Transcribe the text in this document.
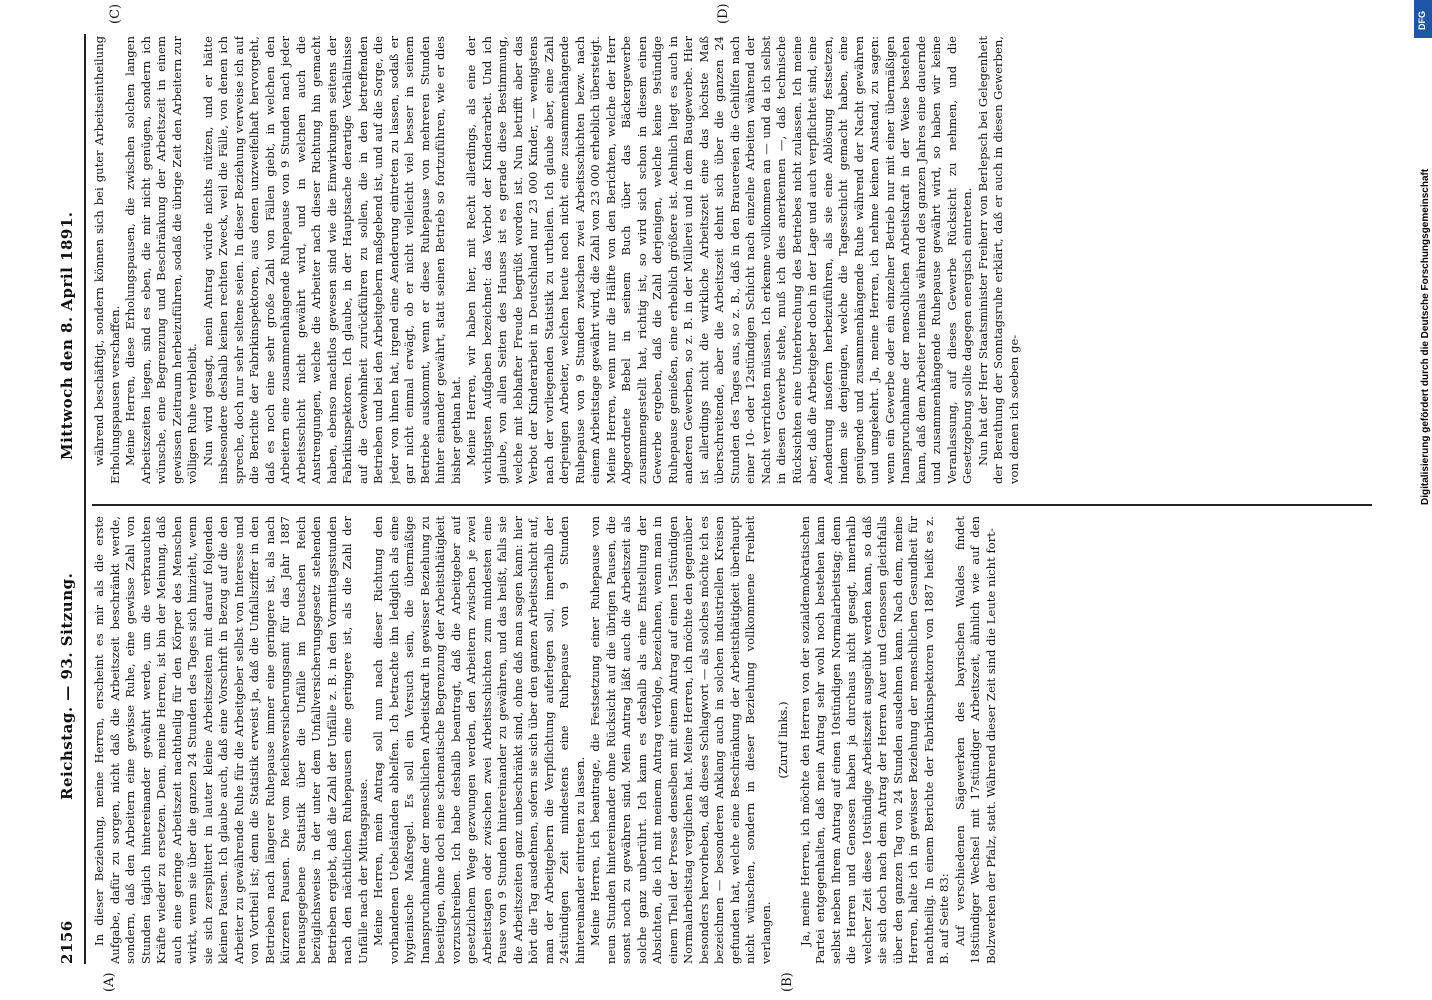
2156
Reichstag. — 93. Sitzung.
Mittwoch den 8. April 1891.

In dieser Beziehung, meine Herren, erscheint es mir als die erste Aufgabe, dafür zu sorgen, nicht daß die Arbeitszeit beschränkt werde, sondern, daß den Arbeitern eine gewisse Ruhe, eine gewisse Zahl von Stunden täglich hintereinander gewährt werde, um die verbrauchten Kräfte wieder zu ersetzen. Denn, meine Herren, ist bin der Meinung, daß auch eine geringe Arbeitszeit nachtheilig für den Körper des Menschen wirkt, wenn sie über die ganzen 24 Stunden des Tages sich hinzieht, wenn sie sich zersplittert in lauter kleine Arbeitszeiten mit darauf folgenden kleinen Pausen. Ich glaube auch, daß eine Vorschrift in Bezug auf die den Arbeiter zu gewährende Ruhe für die Arbeitgeber selbst von Interesse und von Vortheil ist; denn die Statistik erweist ja, daß die Unfallsziffer in den Betrieben nach längerer Ruhepause immer eine geringere ist, als nach kürzeren Pausen. Die vom Reichsversicherungsamt für das Jahr 1887 herausgegebene Statistik über die Unfälle im Deutschen Reich bezüglichsweise in der unter dem Unfallversicherungsgesetz stehenden Betrieben ergiebt, daß die Zahl der Unfälle z. B. in den Vormittagsstunden nach den nächtlichen Ruhepausen eine geringere ist, als die Zahl der Unfälle nach der Mittagspause. Meine Herren, mein Antrag soll nun nach dieser Richtung den vorhandenen Uebelständen abhelfen. Ich betrachte ihn lediglich als eine hygienische Maßregel. Es soll ein Versuch sein, die übermäßige Inanspruchnahme der menschlichen Arbeitskraft in gewisser Beziehung zu beseitigen, ohne doch eine schematische Begrenzung der Arbeitsthätigkeit vorzuschreiben. Ich habe deshalb beantragt, daß die Arbeitgeber auf gesetzlichem Wege gezwungen werden, den Arbeitern zwischen je zwei Arbeitstagen oder zwischen zwei Arbeitsschichten zum mindesten eine Pause von 9 Stunden hintereinander zu gewähren, und das heißt, falls sie die Arbeitszeiten ganz unbeschränkt sind, ohne daß man sagen kann: hier hört die Tag ausdehnen, sofern sie sich über den ganzen Arbeitsschicht auf, man der Arbeitgebern die Verpflichtung auferlegen soll, innerhalb der 24stündigen Zeit mindestens eine Ruhepause von 9 Stunden hintereinander eintreten zu lassen. Meine Herren, ich beantrage, die Festsetzung einer Ruhepause von neun Stunden hintereinander ohne Rücksicht auf die übrigen Pausen, die sonst noch zu gewähren sind. Mein Antrag läßt auch die Arbeitszeit als solche ganz unberührt. Ich kann es deshalb als eine Entstellung der Absichten, die ich mit meinem Antrag verfolge, bezeichnen, wenn man in einem Theil der Presse denselben mit einem Antrag auf einen 15stündigen Normalarbeitstag verglichen hat. Meine Herren, ich möchte den gegenüber besonders hervorheben, daß dieses Schlagwort — als solches möchte ich es bezeichnen — besonderen Anklang auch in solchen industriellen Kreisen gefunden hat, welche eine Beschränkung der Arbeitsthätigkeit überhaupt nicht wünschen, sondern in dieser Beziehung vollkommene Freiheit verlangen.

(Zuruf links.) Ja, meine Herren, ich möchte den Herren von der sozialdemokratischen Partei entgegenhalten, daß mein Antrag sehr wohl noch bestehen kann selbst neben Ihrem Antrag auf einen 10stündigen Normalarbeitstag; denn die Herren und Genossen haben ja durchaus nicht gesagt, innerhalb welcher Zeit diese 10stündige Arbeitszeit ausgeübt werden kann, so daß sie sich doch nach dem Antrag der Herren Auer und Genossen gleichfalls über den ganzen Tag von 24 Stunden ausdehnen kann. Nach dem, meine Herren, halte ich in gewisser Beziehung der menschlichen Gesundheit für nachtheilig. In einem Berichte der Fabrikinspektoren von 1887 heißt es z. B. auf Seite 83: Auf verschiedenen Sägewerken des bayrischen Waldes findet 18stündiger Wechsel mit 17stündiger Arbeitszeit, ähnlich wie auf den Bolzwerken der Pfalz, statt. Während dieser Zeit sind die Leute nicht fort-

während beschäftigt, sondern können sich bei guter Arbeitseintheilung Erholungspausen verschaffen. Meine Herren, diese Erholungspausen, die zwischen solchen langen Arbeitszeiten liegen, sind es eben, die mir nicht genügen, sondern ich wünsche, eine Begrenzung und Beschränkung der Arbeitszeit in einem gewissen Zeitraum herbeizuführen, sodaß die übrige Zeit den Arbeitern zur völligen Ruhe verbleibt. Nun wird gesagt, mein Antrag würde nichts nützen, und er hätte insbesondere deshalb keinen rechten Zweck, weil die Fälle, von denen ich spreche, doch nur sehr seltene seien. In dieser Beziehung verweise ich auf die Berichte der Fabrikinspektoren, aus denen unzweifelhaft hervorgeht, daß es noch eine sehr große Zahl von Fällen giebt, in welchen den Arbeitern eine zusammenhängende Ruhepause von 9 Stunden nach jeder Arbeitsschicht nicht gewährt wird, und in welchen auch die Anstrengungen, welche die Arbeiter nach dieser Richtung hin gemacht haben, ebenso machtlos gewesen sind wie die Einwirkungen seitens der Fabrikinspektoren. Ich glaube, in der Hauptsache derartige Verhältnisse auf die Gewohnheit zurückführen zu sollen, die in den betreffenden Betrieben und bei den Arbeitgebern maßgebend ist, und auf die Sorge, die jeder von ihnen hat, irgend eine Aenderung eintreten zu lassen, sodaß er gar nicht einmal erwägt, ob er nicht vielleicht viel besser in seinem Betriebe auskommt, wenn er diese Ruhepause von mehreren Stunden hinter einander gewährt, statt seinen Betrieb so fortzuführen, wie er dies bisher gethan hat. Meine Herren, wir haben hier, mit Recht allerdings, als eine der wichtigsten Aufgaben bezeichnet: das Verbot der Kinderarbeit. Und ich glaube, von allen Seiten des Hauses ist es gerade diese Bestimmung, welche mit lebhafter Freude begrüßt worden ist. Nun betrifft aber das Verbot der Kinderarbeit in Deutschland nur 23 000 Kinder, — wenigstens nach der vorliegenden Statistik zu urtheilen. Ich glaube aber, eine Zahl derjenigen Arbeiter, welchen heute noch nicht eine zusammenhängende Ruhepause von 9 Stunden zwischen zwei Arbeitsschichten bezw. nach einem Arbeitstage gewährt wird, die Zahl von 23 000 erheblich übersteigt. Meine Herren, wenn nur die Hälfte von den Berichten, welche der Herr Abgeordnete Bebel in seinem Buch über das Bäckergewerbe zusammengestellt hat, richtig ist, so wird sich schon in diesem einen Gewerbe ergeben, daß die Zahl derjenigen, welche keine 9stündige Ruhepause genießen, eine erheblich größere ist. Aehnlich liegt es auch in anderen Gewerben, so z. B. in der Müllerei und in dem Baugewerbe. Hier ist allerdings nicht die wirkliche Arbeitszeit eine das höchste Maß überschreitende, aber die Arbeitszeit dehnt sich über die ganzen 24 Stunden des Tages aus, so z. B., daß in den Brauereien die Gehilfen nach einer 10- oder 12stündigen Schicht nach einzelne Arbeiten während der Nacht verrichten müssen. Ich erkenne vollkommen an — und da ich selbst in diesen Gewerbe stehe, muß ich dies anerkennen —, daß technische Rücksichten eine Unterbrechung des Betriebes nicht zulassen. Ich meine aber, daß die Arbeitgeber doch in der Lage und auch verpflichtet sind, eine Aenderung insofern herbeizuführen, als sie eine Ablösung festsetzen, indem sie denjenigen, welche die Tagesschicht gemacht haben, eine genügende und zusammenhängende Ruhe während der Nacht gewähren und umgekehrt. Ja, meine Herren, ich nehme keinen Anstand, zu sagen: wenn ein Gewerbe oder ein einzelner Betrieb nur mit einer übermäßigen Inanspruchnahme der menschlichen Arbeitskraft in der Weise bestehen kann, daß dem Arbeiter niemals während des ganzen Jahres eine dauernde und zusammenhängende Ruhepause gewährt wird, so haben wir keine Veranlassung, auf dieses Gewerbe Rücksicht zu nehmen, und die Gesetzgebung sollte dagegen energisch eintreten. Nun hat der Herr Staatsminister Freiherr von Berlepsch bei Gelegenheit der Berathung der Sonntagsruhe erklärt, daß er auch in diesen Gewerben, von denen ich soeben ge-

(A)	(B)
(C)	(D)	DFG
Digitalisierung gefördert durch die Deutsche Forschungsgemeinschaft
